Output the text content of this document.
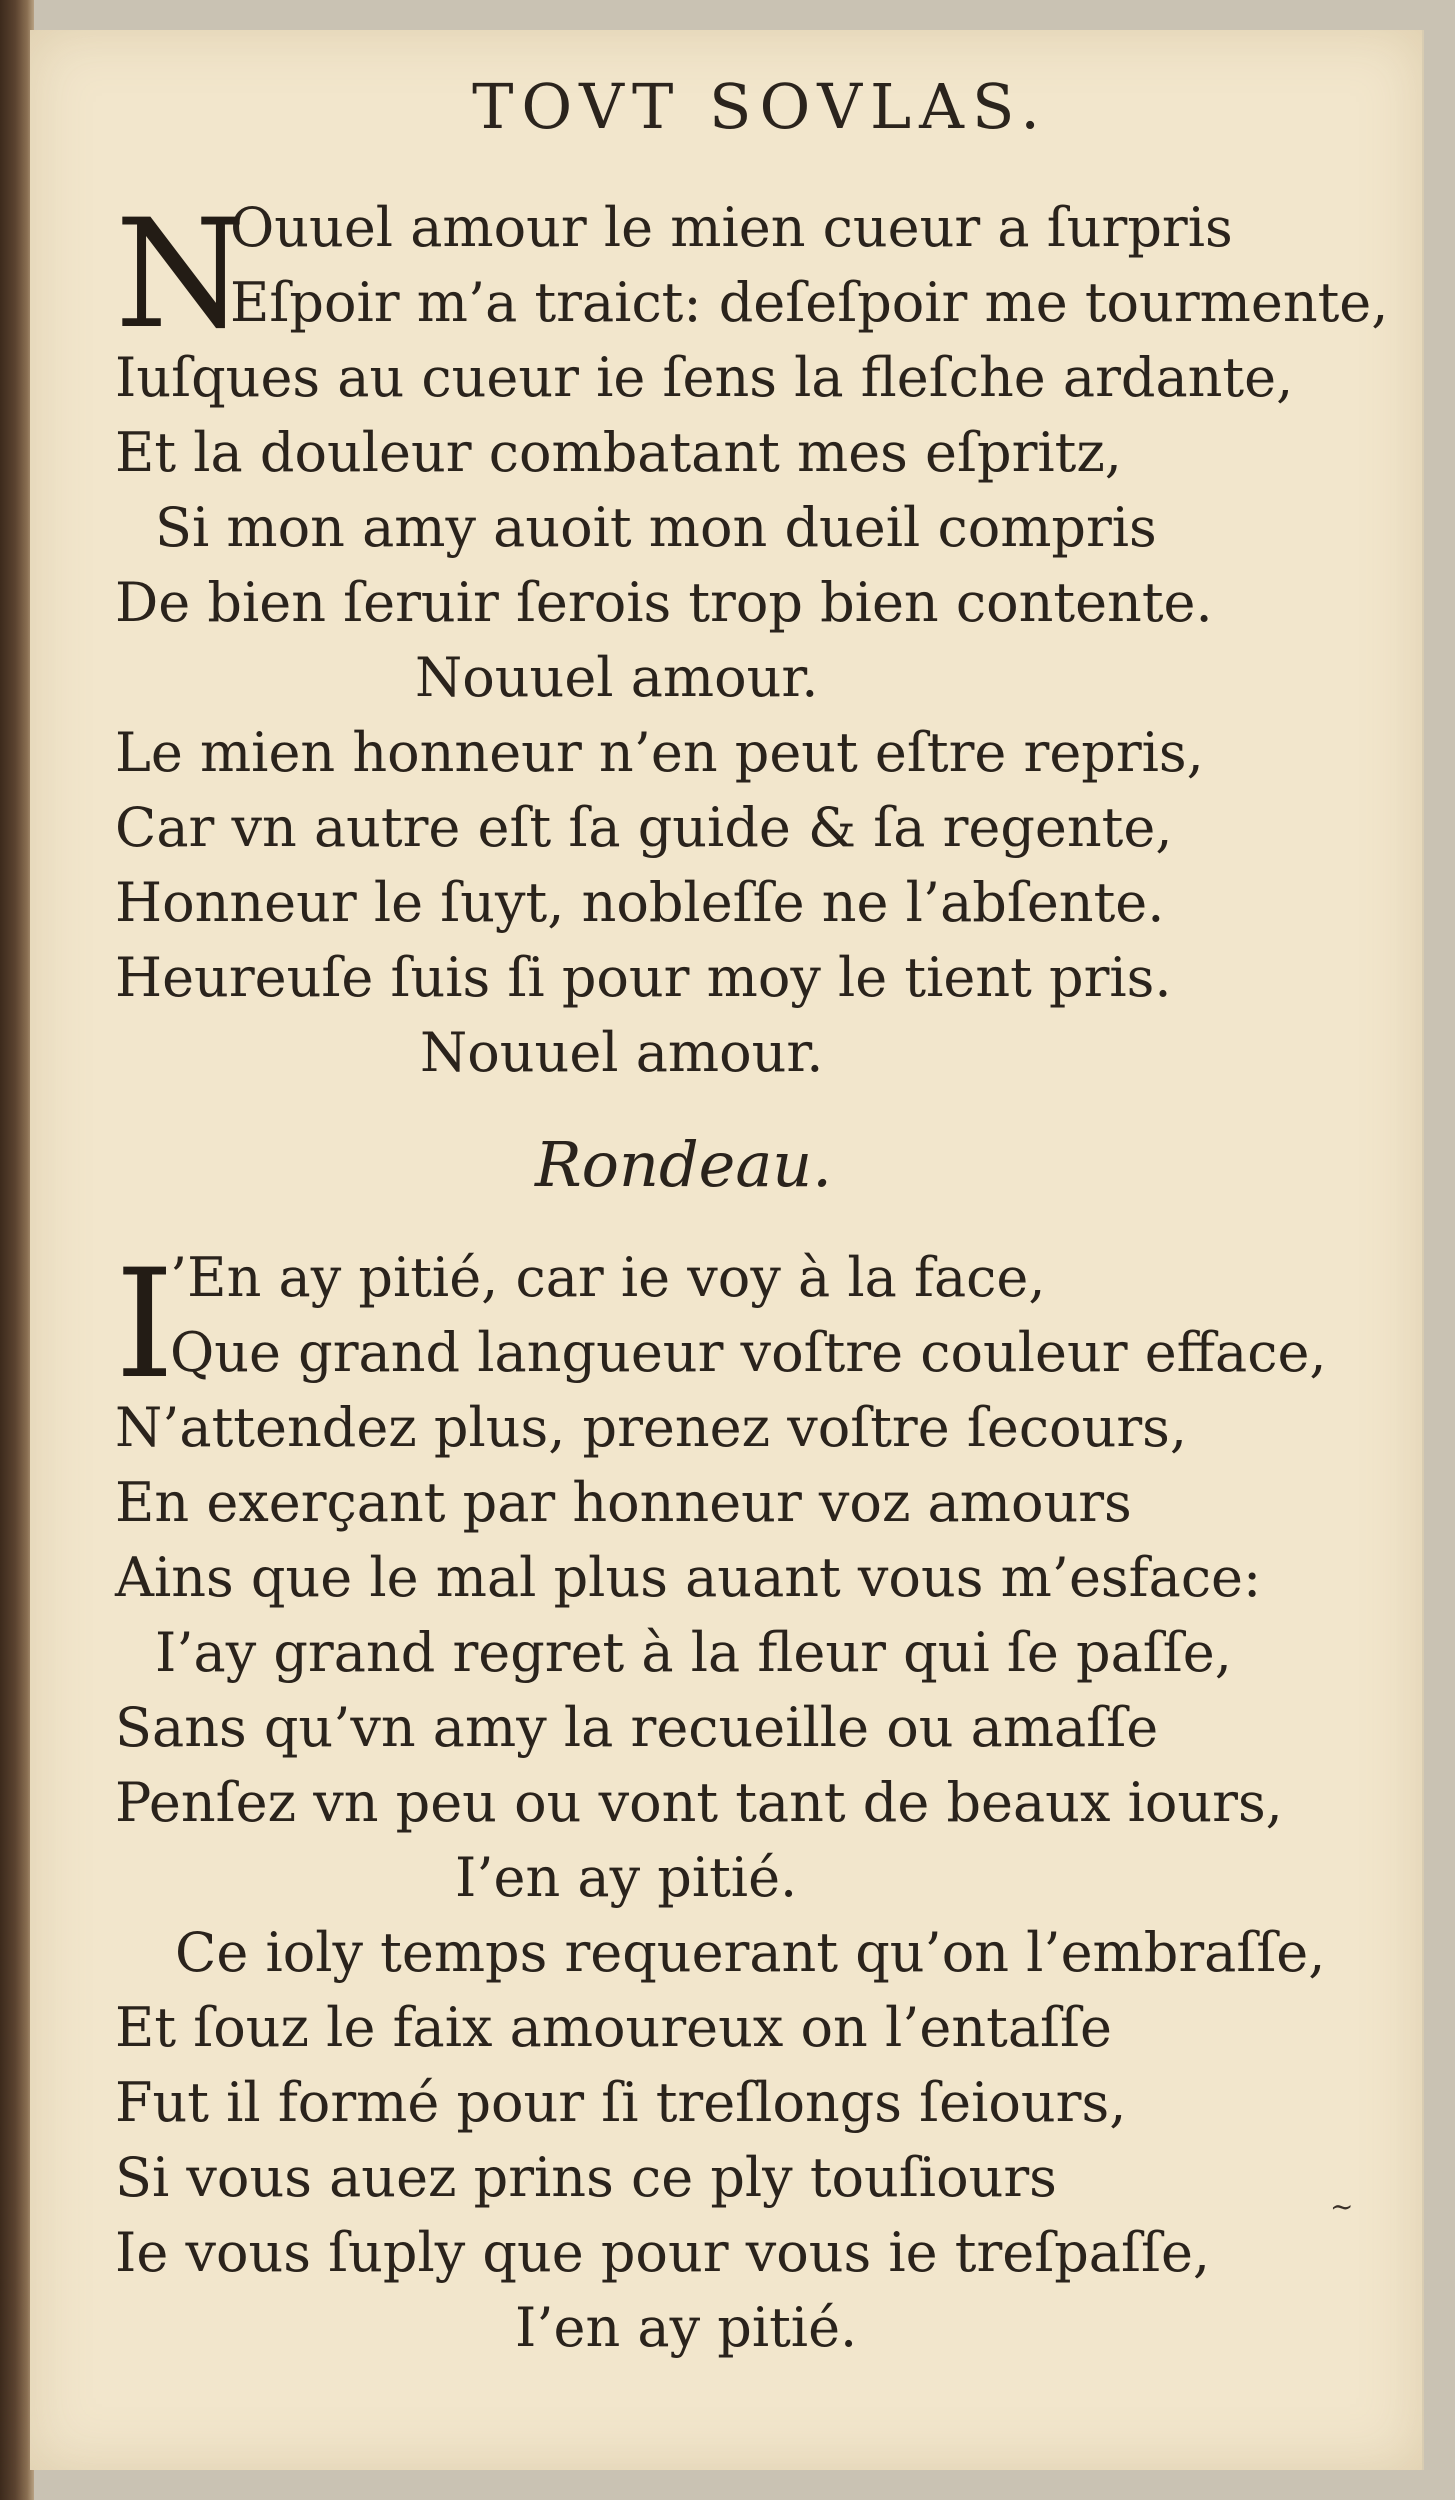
TOVT SOVLAS.
N
Ouuel amour le mien cueur a ſurpris
Eſpoir m’a traict: deſeſpoir me tourmente,
Iuſques au cueur ie ſens la fleſche ardante,
Et la douleur combatant mes eſpritz,
Si mon amy auoit mon dueil compris
De bien ſeruir ſerois trop bien contente.
Nouuel amour.
Le mien honneur n’en peut eſtre repris,
Car vn autre eſt ſa guide & ſa regente,
Honneur le ſuyt, nobleſſe ne l’abſente.
Heureuſe ſuis ſi pour moy le tient pris.
Nouuel amour.
Rondeau.
I
’En ay pitié, car ie voy à la face,
Que grand langueur voſtre couleur efface,
N’attendez plus, prenez voſtre ſecours,
En exerçant par honneur voz amours
Ains que le mal plus auant vous m’esface:
I’ay grand regret à la fleur qui ſe paſſe,
Sans qu’vn amy la recueille ou amaſſe
Penſez vn peu ou vont tant de beaux iours,
I’en ay pitié.
Ce ioly temps requerant qu’on l’embraſſe,
Et ſouz le faix amoureux on l’entaſſe
Fut il formé pour ſi treſlongs ſeiours,
Si vous auez prins ce ply touſiours
Ie vous ſuply que pour vous ie treſpaſſe,
I’en ay pitié.
~
